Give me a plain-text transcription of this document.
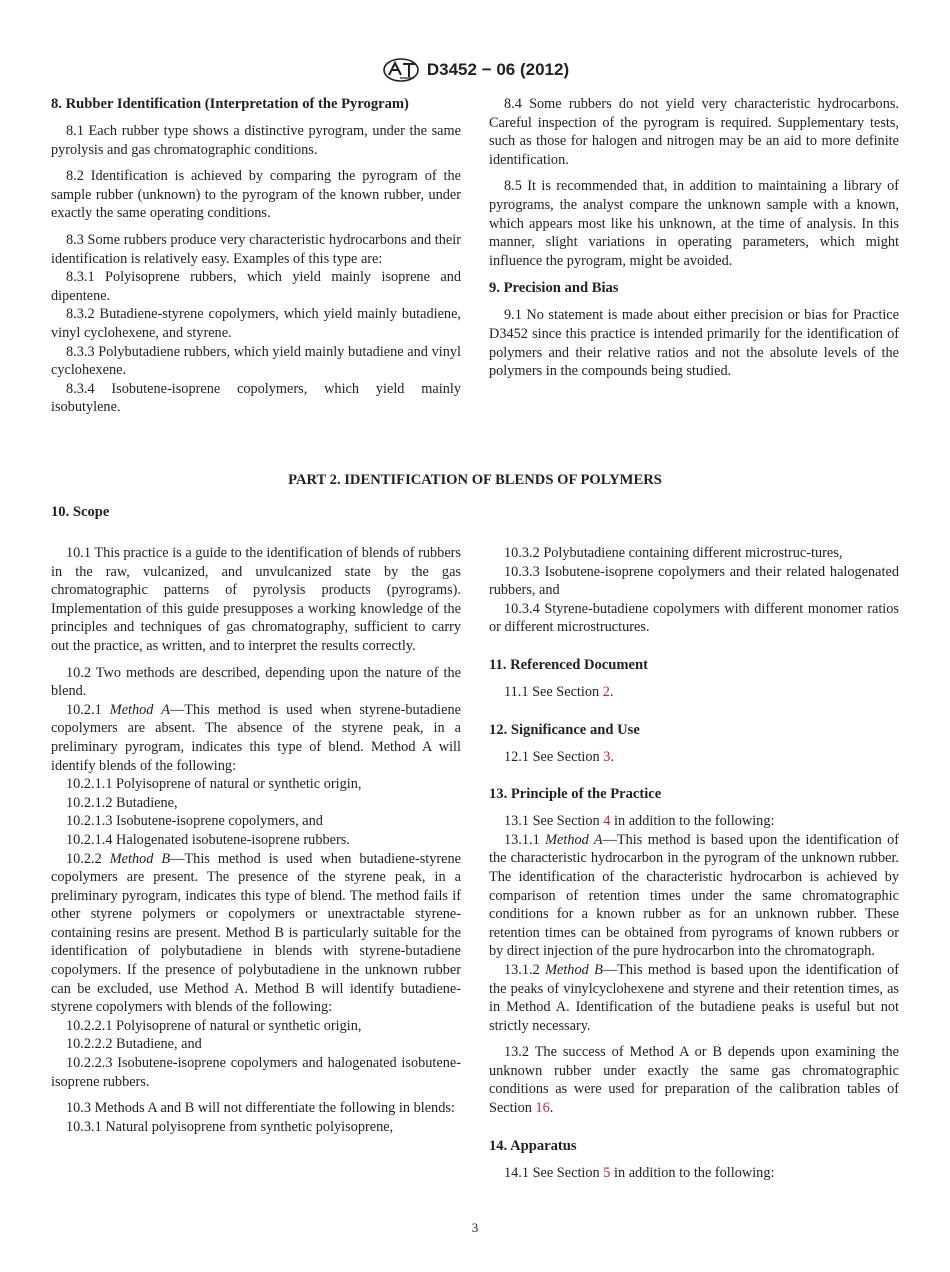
D3452 − 06 (2012)
8. Rubber Identification (Interpretation of the Pyrogram)

8.1 Each rubber type shows a distinctive pyrogram, under the same pyrolysis and gas chromatographic conditions.

8.2 Identification is achieved by comparing the pyrogram of the sample rubber (unknown) to the pyrogram of the known rubber, under exactly the same operating conditions.

8.3 Some rubbers produce very characteristic hydrocarbons and their identification is relatively easy. Examples of this type are:

8.3.1 Polyisoprene rubbers, which yield mainly isoprene and dipentene.

8.3.2 Butadiene-styrene copolymers, which yield mainly butadiene, vinyl cyclohexene, and styrene.

8.3.3 Polybutadiene rubbers, which yield mainly butadiene and vinyl cyclohexene.

8.3.4 Isobutene-isoprene copolymers, which yield mainly isobutylene.

8.4 Some rubbers do not yield very characteristic hydrocarbons. Careful inspection of the pyrogram is required. Supplementary tests, such as those for halogen and nitrogen may be an aid to more definite identification.

8.5 It is recommended that, in addition to maintaining a library of pyrograms, the analyst compare the unknown sample with a known, which appears most like his unknown, at the time of analysis. In this manner, slight variations in operating parameters, which might influence the pyrogram, might be avoided.

9. Precision and Bias

9.1 No statement is made about either precision or bias for Practice D3452 since this practice is intended primarily for the identification of polymers and their relative ratios and not the absolute levels of the polymers in the compounds being studied.

PART 2. IDENTIFICATION OF BLENDS OF POLYMERS
10. Scope

10.1 This practice is a guide to the identification of blends of rubbers in the raw, vulcanized, and unvulcanized state by the gas chromatographic patterns of pyrolysis products (pyrograms). Implementation of this guide presupposes a working knowledge of the principles and techniques of gas chromatography, sufficient to carry out the practice, as written, and to interpret the results correctly.

10.2 Two methods are described, depending upon the nature of the blend.

10.2.1 Method A—This method is used when styrene-butadiene copolymers are absent. The absence of the styrene peak, in a preliminary pyrogram, indicates this type of blend. Method A will identify blends of the following:

10.2.1.1 Polyisoprene of natural or synthetic origin,

10.2.1.2 Butadiene,

10.2.1.3 Isobutene-isoprene copolymers, and

10.2.1.4 Halogenated isobutene-isoprene rubbers.

10.2.2 Method B—This method is used when butadiene-styrene copolymers are present. The presence of the styrene peak, in a preliminary pyrogram, indicates this type of blend. The method fails if other styrene polymers or copolymers or unextractable styrene-containing resins are present. Method B is particularly suitable for the identification of polybutadiene in blends with styrene-butadiene copolymers. If the presence of polybutadiene in the unknown rubber can be excluded, use Method A. Method B will identify butadiene-styrene copolymers with blends of the following:

10.2.2.1 Polyisoprene of natural or synthetic origin,

10.2.2.2 Butadiene, and

10.2.2.3 Isobutene-isoprene copolymers and halogenated isobutene-isoprene rubbers.

10.3 Methods A and B will not differentiate the following in blends:

10.3.1 Natural polyisoprene from synthetic polyisoprene,

10.3.2 Polybutadiene containing different microstruc-tures,

10.3.3 Isobutene-isoprene copolymers and their related halogenated rubbers, and

10.3.4 Styrene-butadiene copolymers with different monomer ratios or different microstructures.

11. Referenced Document

11.1 See Section 2.

12. Significance and Use

12.1 See Section 3.

13. Principle of the Practice

13.1 See Section 4 in addition to the following:

13.1.1 Method A—This method is based upon the identification of the characteristic hydrocarbon in the pyrogram of the unknown rubber. The identification of the characteristic hydrocarbon is achieved by comparison of retention times under the same chromatographic conditions for a known rubber as for an unknown rubber. These retention times can be obtained from pyrograms of known rubbers or by direct injection of the pure hydrocarbon into the chromatograph.

13.1.2 Method B—This method is based upon the identification of the peaks of vinylcyclohexene and styrene and their retention times, as in Method A. Identification of the butadiene peaks is useful but not strictly necessary.

13.2 The success of Method A or B depends upon examining the unknown rubber under exactly the same gas chromatographic conditions as were used for preparation of the calibration tables of Section 16.

14. Apparatus

14.1 See Section 5 in addition to the following:

3
